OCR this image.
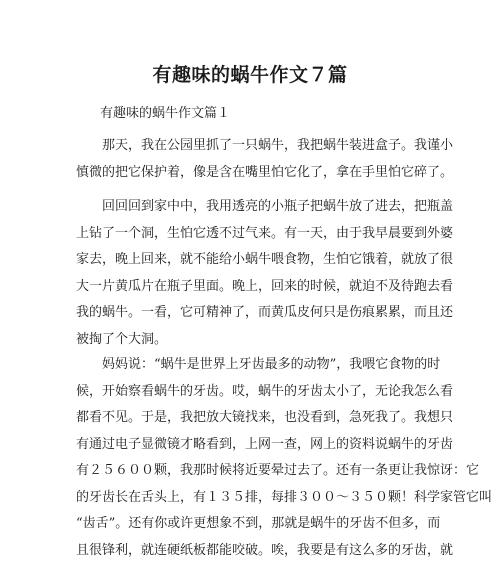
有趣味的蜗牛作文７篇
有趣味的蜗牛作文篇１
　　那天，我在公园里抓了一只蜗牛，我把蜗牛装进盒子。我谨小
慎微的把它保护着，像是含在嘴里怕它化了，拿在手里怕它碎了。
　　回回回到家中中，我用透亮的小瓶子把蜗牛放了进去，把瓶盖
上钻了一个洞，生怕它透不过气来。有一天，由于我早晨要到外婆
家去，晚上回来，就不能给小蜗牛喂食物，生怕它饿着，就放了很
大一片黄瓜片在瓶子里面。晚上，回来的时候，就迫不及待跑去看
我的蜗牛。一看，它可精神了，而黄瓜皮何只是伤痕累累，而且还
被掏了个大洞。
　　妈妈说：“蜗牛是世界上牙齿最多的动物”，我喂它食物的时
候，开始察看蜗牛的牙齿。哎，蜗牛的牙齿太小了，无论我怎么看
都看不见。于是，我把放大镜找来，也没看到，急死我了。我想只
有通过电子显微镜才略看到，上网一查，网上的资料说蜗牛的牙齿
有２５６００颗，我那时候将近要晕过去了。还有一条更让我惊讶：它
的牙齿长在舌头上，有１３５排，每排３００～３５０颗！科学家管它叫
“齿舌”。还有你或许更想象不到，那就是蜗牛的牙齿不但多，而
且很锋利，就连硬纸板都能咬破。唉，我要是有这么多的牙齿，就
